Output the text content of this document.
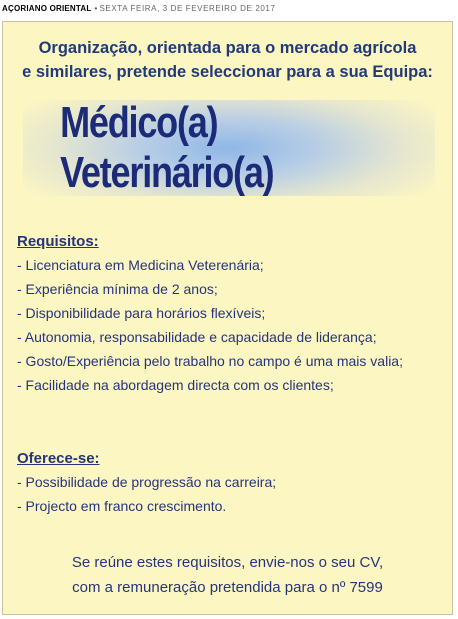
AÇORIANO ORIENTAL • SEXTA FEIRA, 3 DE FEVEREIRO DE 2017
Organização, orientada para o mercado agrícola
e similares, pretende seleccionar para a sua Equipa:
Médico(a) Veterinário(a)
Requisitos:
- Licenciatura em Medicina Veterenária;
- Experiência mínima de 2 anos;
- Disponibilidade para horários flexíveis;
- Autonomia, responsabilidade e capacidade de liderança;
- Gosto/Experiência pelo trabalho no campo é uma mais valia;
- Facilidade na abordagem directa com os clientes;
Oferece-se:
- Possibilidade de progressão na carreira;
- Projecto em franco crescimento.
Se reúne estes requisitos, envie-nos o seu CV,
com a remuneração pretendida para o nº 7599
